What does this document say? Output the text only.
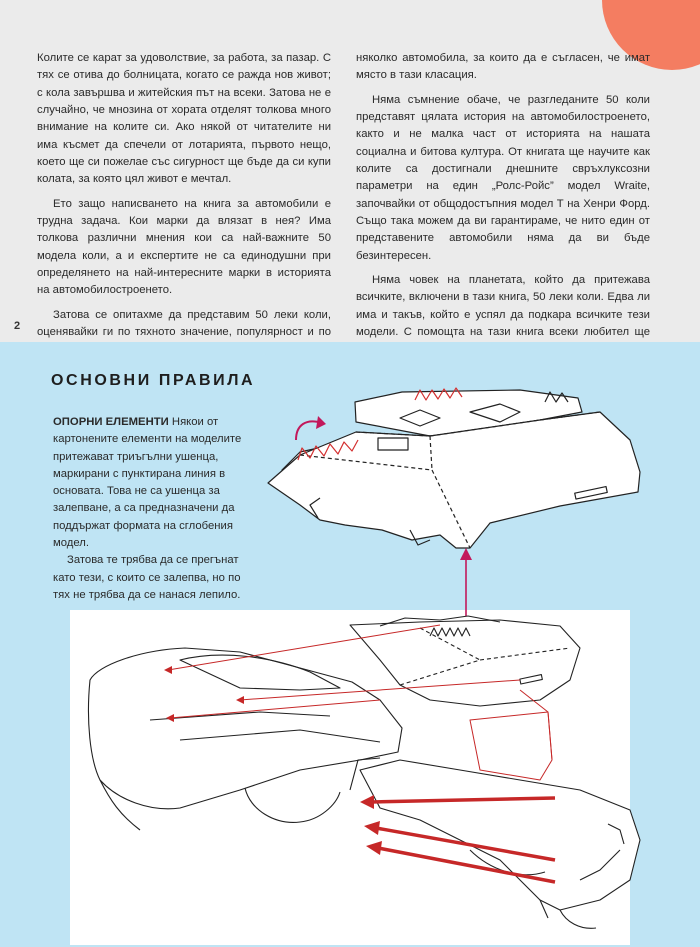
Колите се карат за удоволствие, за работа, за пазар. С тях се отива до болницата, когато се ражда нов живот; с кола завършва и житейския път на всеки. Затова не е случайно, че мнозина от хората отделят толкова много внимание на колите си. Ако някой от читателите ни има късмет да спечели от лотарията, първото нещо, което ще си пожелае със сигурност ще бъде да си купи колата, за която цял живот е мечтал.

Ето защо написването на книга за автомобили е трудна задача. Кои марки да влязат в нея? Има толкова различни мнения кои са най-важните 50 модела коли, а и експертите не са единодушни при определянето на най-интересните марки в историята на автомобилостроенето.

Затова се опитахме да представим 50 леки коли, оценявайки ги по тяхното значение, популярност и по

няколко автомобила, за които да е съгласен, че имат място в тази класация.

Няма съмнение обаче, че разгледаните 50 коли представят цялата история на автомобилостроенето, както и не малка част от историята на нашата социална и битова култура. От книгата ще научите как колите са достигнали днешните свръхлуксозни параметри на един „Ролс-Ройс” модел Wraite, започвайки от общодостъпния модел Т на Хенри Форд. Също така можем да ви гарантираме, че нито един от представените автомобили няма да ви бъде безинтересен.

Няма човек на планетата, който да притежава всичките, включени в тази книга, 50 леки коли. Едва ли има и такъв, който е успял да подкара всичките тези модели. С помощта на тази книга всеки любител ще

2
ОСНОВНИ ПРАВИЛА

ОПОРНИ ЕЛЕМЕНТИ Някои от картонените елементи на моделите притежават триъгълни ушенца, маркирани с пунктирана линия в основата. Това не са ушенца за залепване, а са предназначени да поддържат формата на сглобения модел.

Затова те трябва да се прегънат като тези, с които се залепва, но по тях не трябва да се нанася лепило.
